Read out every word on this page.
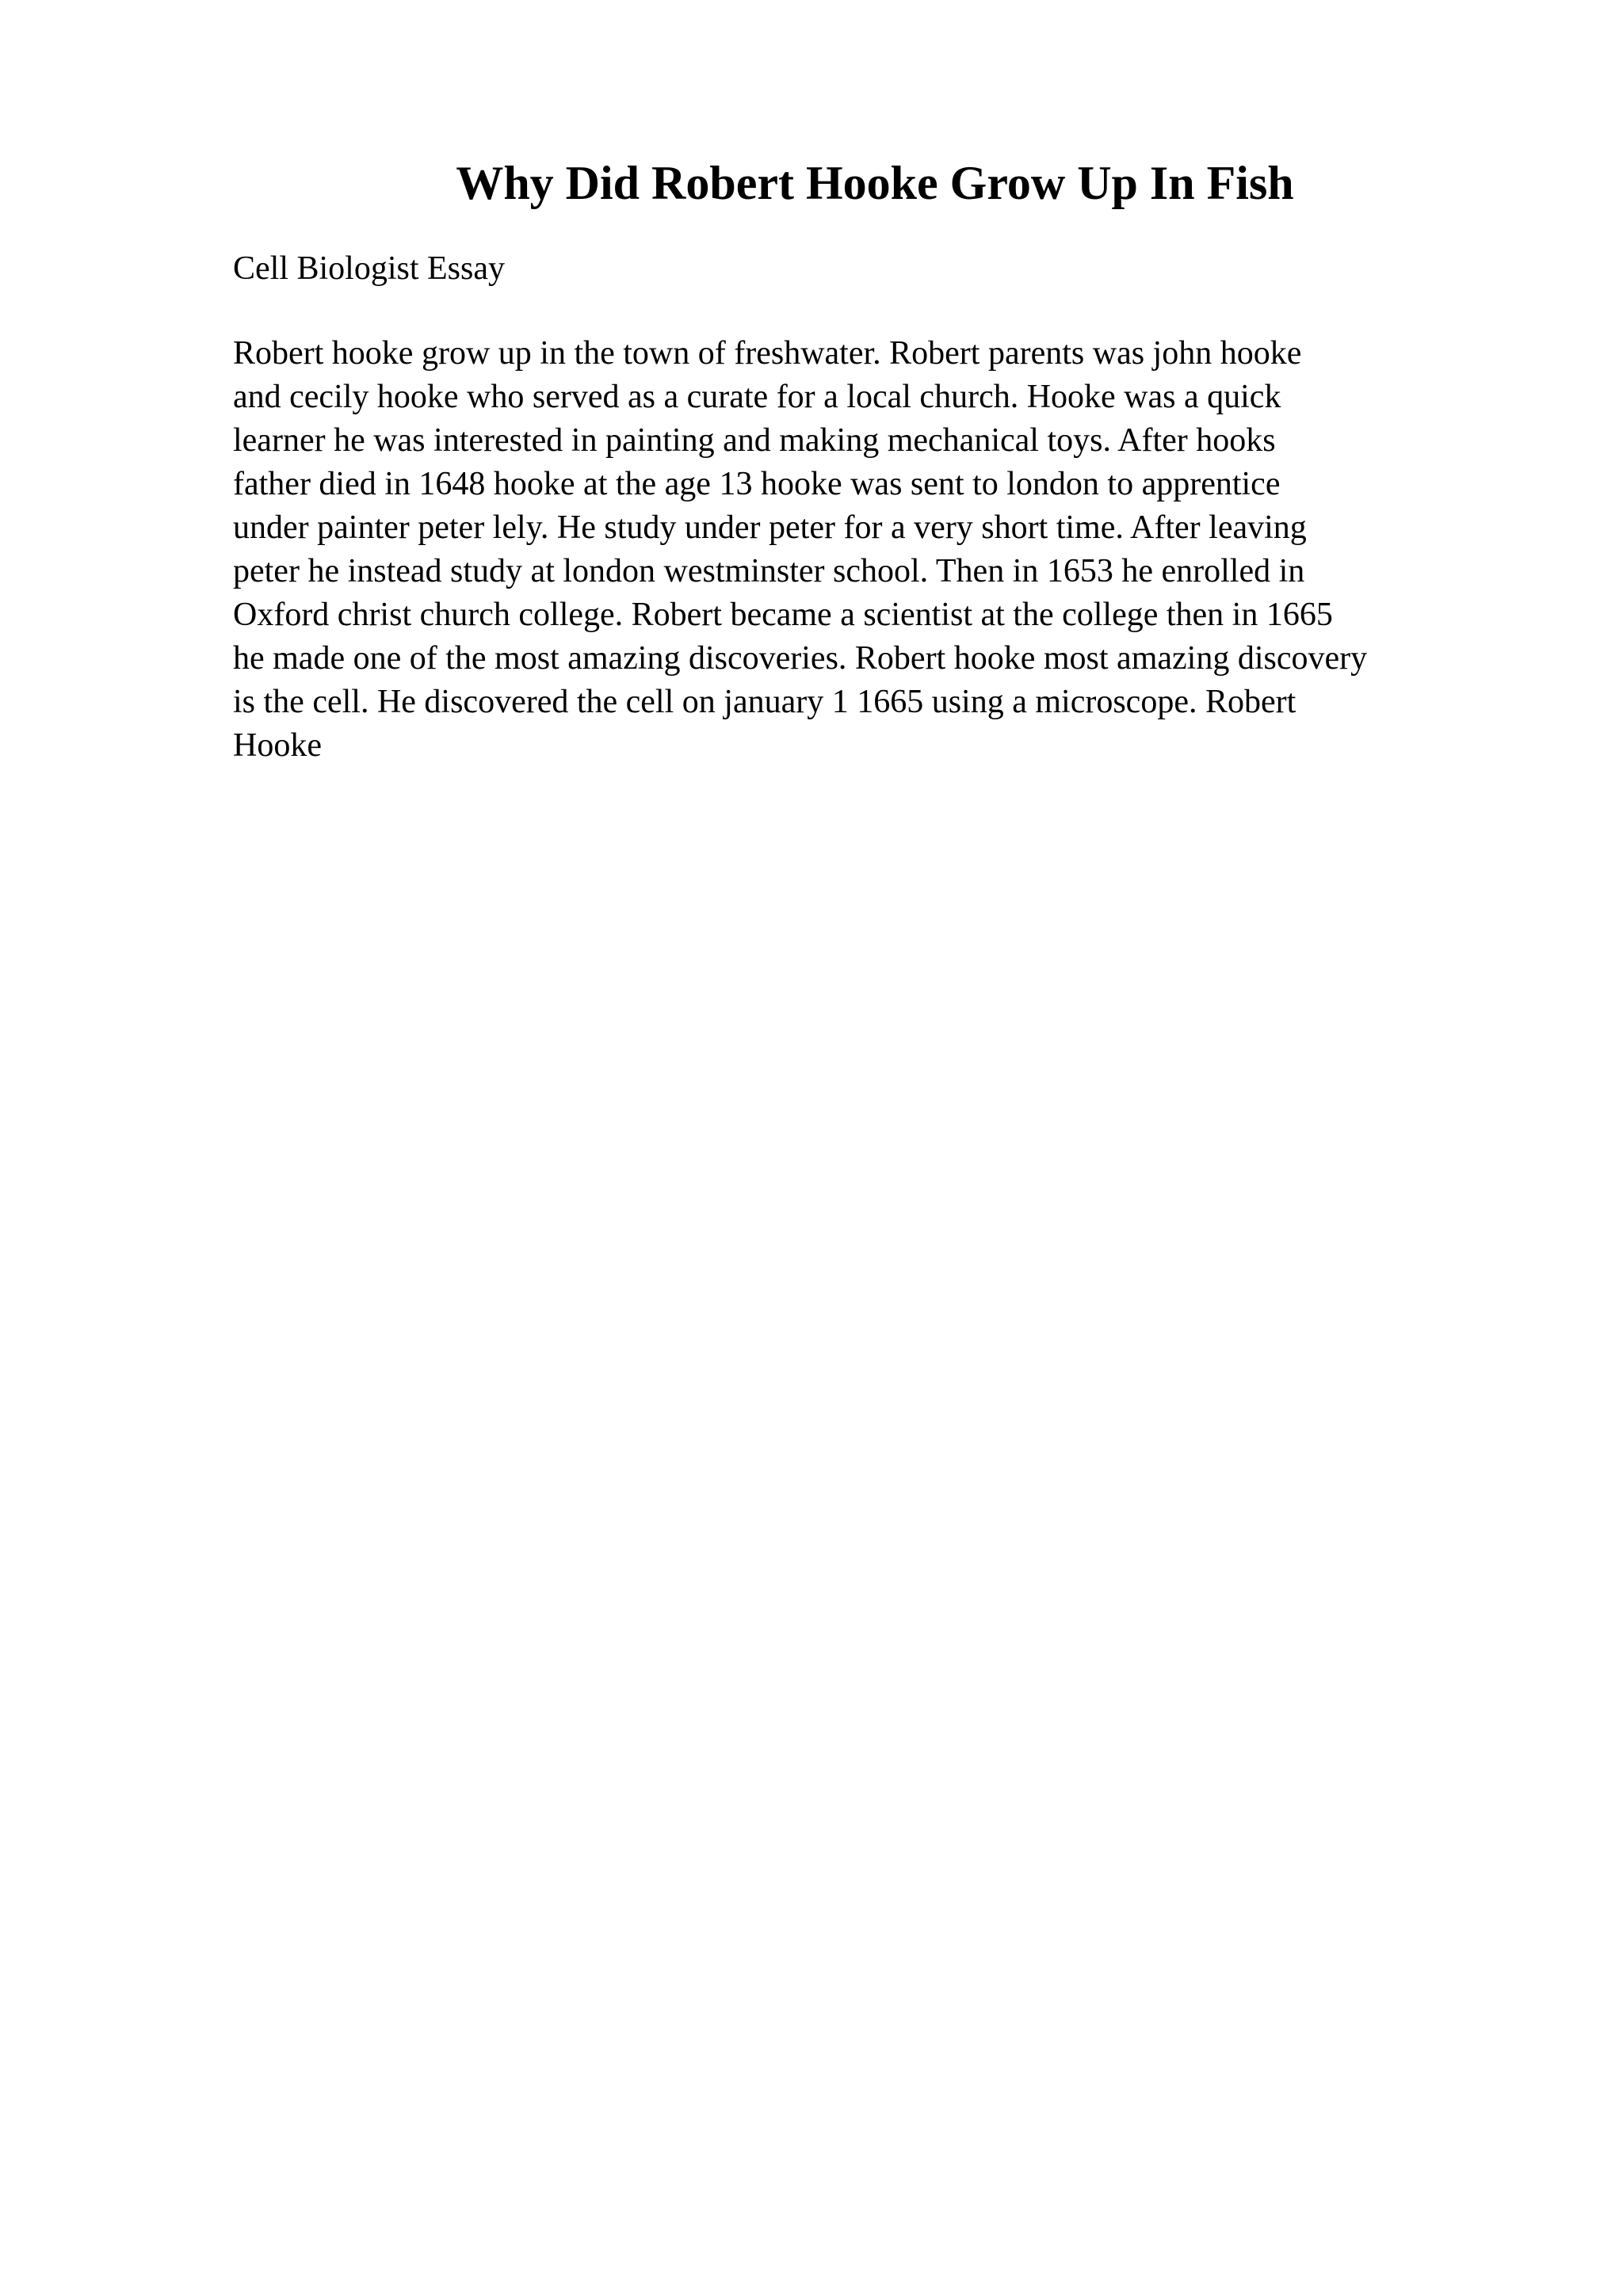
Why Did Robert Hooke Grow Up In Fish
Cell Biologist Essay
Robert hooke grow up in the town of freshwater. Robert parents was john hooke
and cecily hooke who served as a curate for a local church. Hooke was a quick
learner he was interested in painting and making mechanical toys. After hooks
father died in 1648 hooke at the age 13 hooke was sent to london to apprentice
under painter peter lely. He study under peter for a very short time. After leaving
peter he instead study at london westminster school. Then in 1653 he enrolled in
Oxford christ church college. Robert became a scientist at the college then in 1665
he made one of the most amazing discoveries. Robert hooke most amazing discovery
is the cell. He discovered the cell on january 1 1665 using a microscope. Robert
Hooke
